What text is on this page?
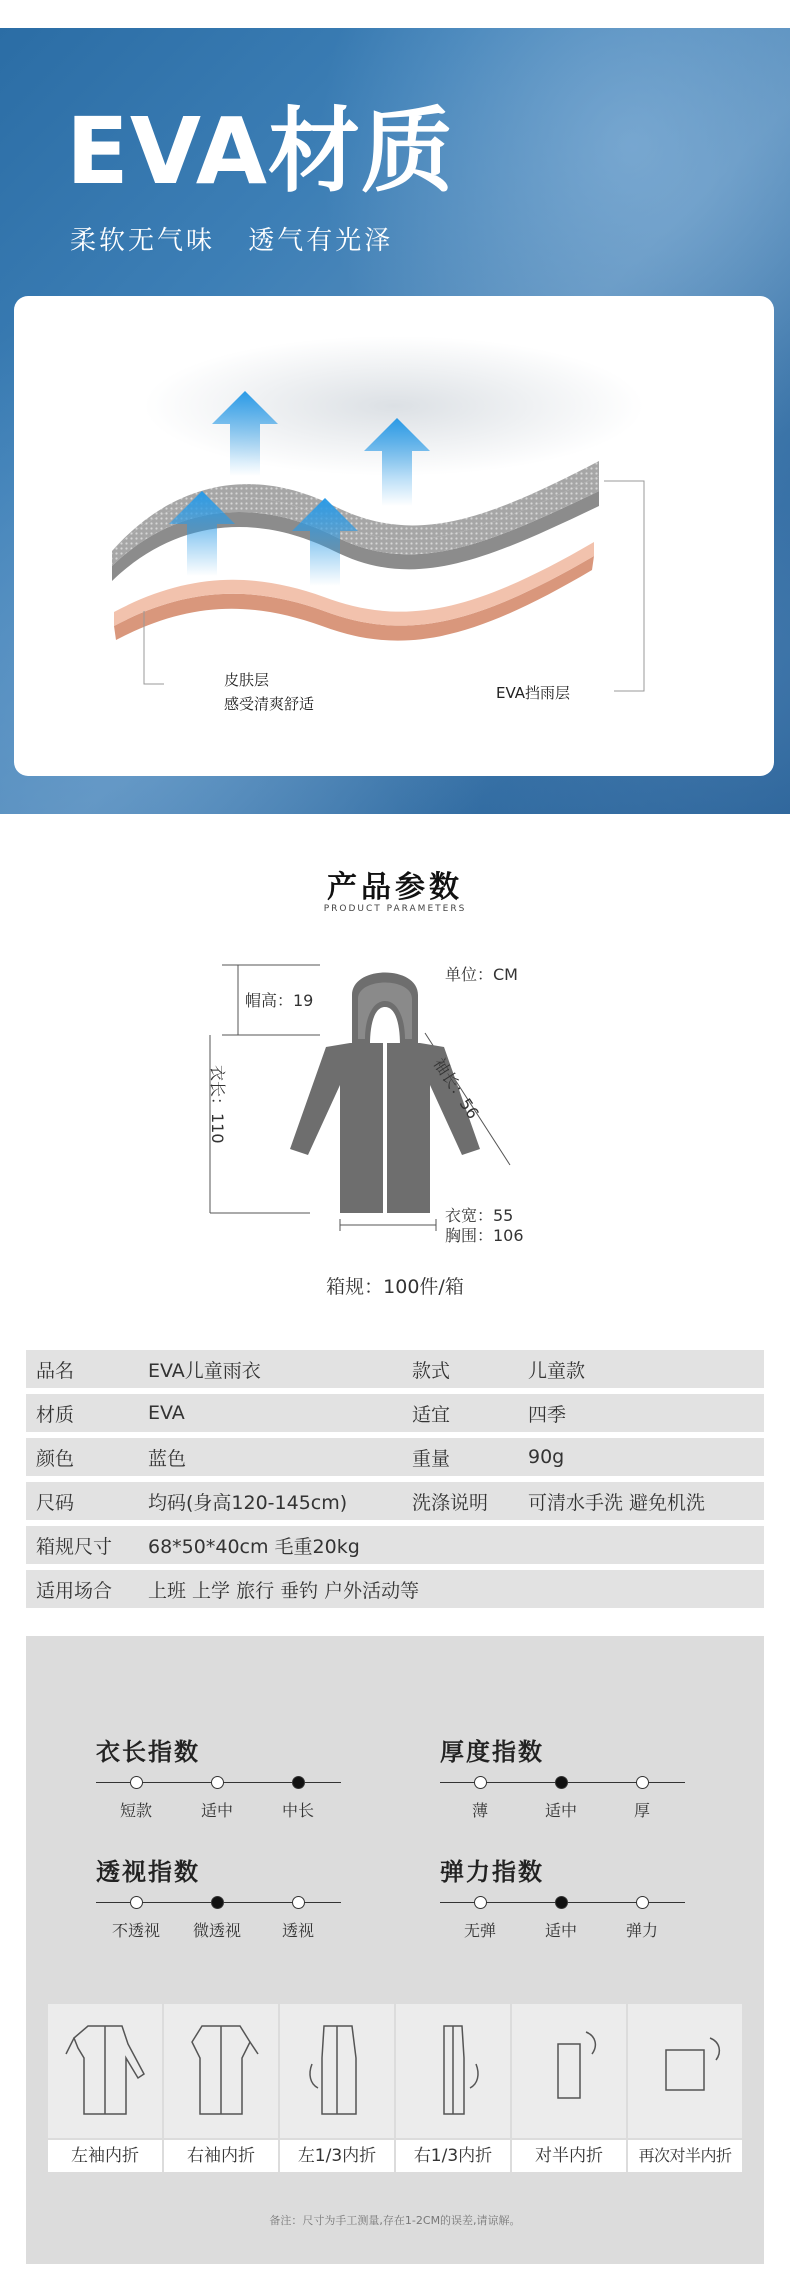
EVA材质
柔软无气味 透气有光泽
皮肤层
感受清爽舒适
EVA挡雨层
产品参数
PRODUCT PARAMETERS
帽高：19
单位：CM
袖长：56
衣长：110
衣宽：55
胸围：106
箱规：100件/箱
品名	EVA儿童雨衣	款式	儿童款
材质	EVA	适宜	四季
颜色	蓝色	重量	90g
尺码	均码(身高120-145cm)	洗涤说明	可清水手洗 避免机洗
箱规尺寸	68*50*40cm 毛重20kg
适用场合	上班 上学 旅行 垂钓 户外活动等
衣长指数
短款	适中	中长
厚度指数
薄	适中	厚
透视指数
不透视	微透视	透视
弹力指数
无弹	适中	弹力
左袖内折	右袖内折	左1/3内折	右1/3内折	对半内折	再次对半内折
备注：尺寸为手工测量,存在1-2CM的误差,请谅解。
